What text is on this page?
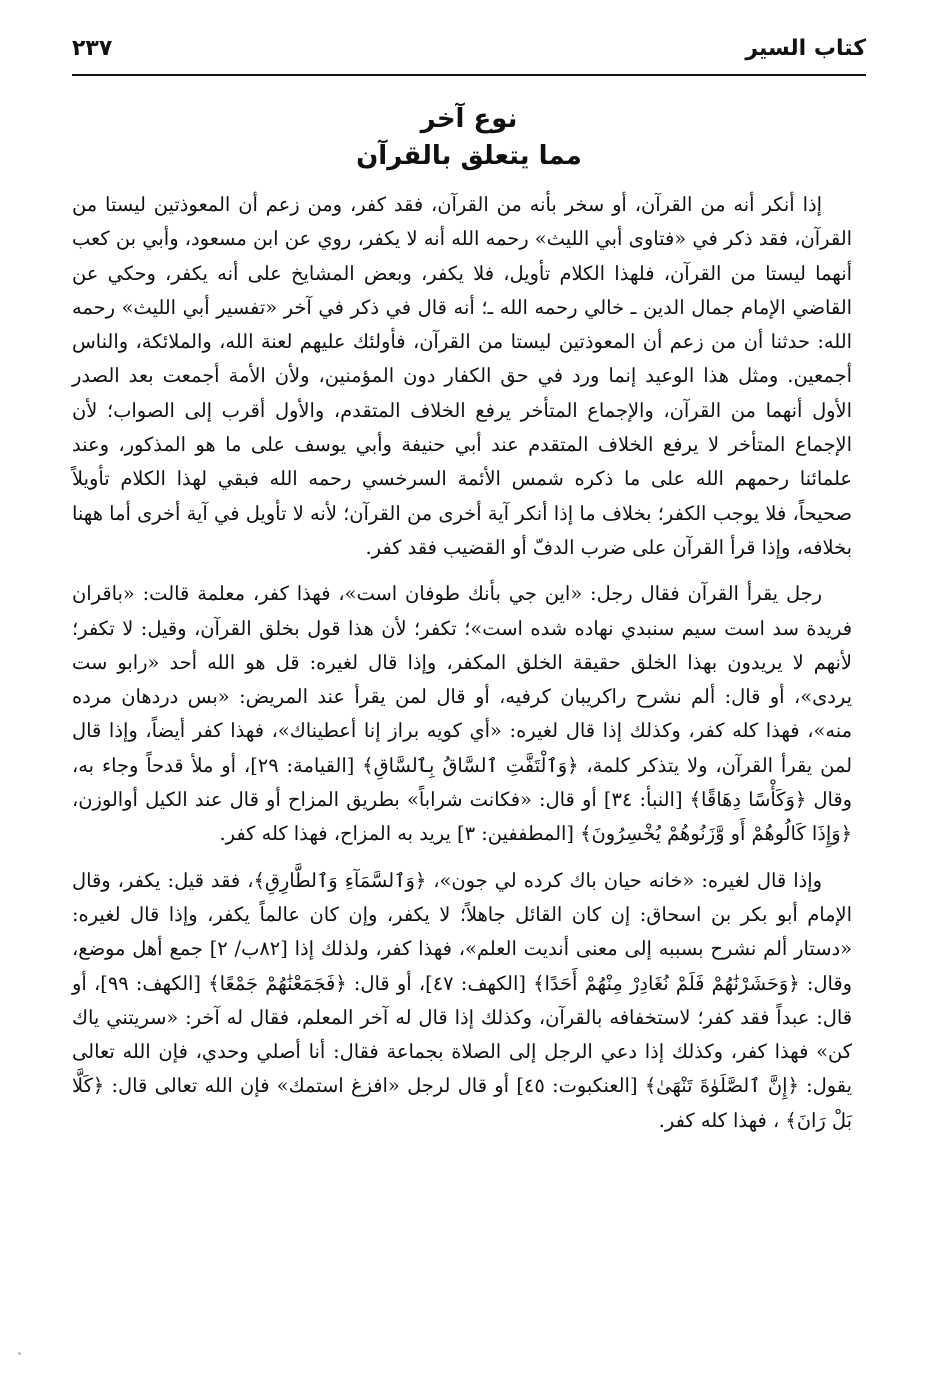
كتاب السير
٢٣٧
نوع آخر
مما يتعلق بالقرآن

إذا أنكر أنه من القرآن، أو سخر بأنه من القرآن، فقد كفر، ومن زعم أن المعوذتين ليستا من القرآن، فقد ذكر في «فتاوى أبي الليث» رحمه الله أنه لا يكفر، روي عن ابن مسعود، وأبي بن كعب أنهما ليستا من القرآن، فلهذا الكلام تأويل، فلا يكفر، وبعض المشايخ على أنه يكفر، وحكي عن القاضي الإمام جمال الدين ـ خالي رحمه الله ـ؛ أنه قال في ذكر في آخر «تفسير أبي الليث» رحمه الله: حدثنا أن من زعم أن المعوذتين ليستا من القرآن، فأولئك عليهم لعنة الله، والملائكة، والناس أجمعين. ومثل هذا الوعيد إنما ورد في حق الكفار دون المؤمنين، ولأن الأمة أجمعت بعد الصدر الأول أنهما من القرآن، والإجماع المتأخر يرفع الخلاف المتقدم، والأول أقرب إلى الصواب؛ لأن الإجماع المتأخر لا يرفع الخلاف المتقدم عند أبي حنيفة وأبي يوسف على ما هو المذكور، وعند علمائنا رحمهم الله على ما ذكره شمس الأئمة السرخسي رحمه الله فبقي لهذا الكلام تأويلاً صحيحاً، فلا يوجب الكفر؛ بخلاف ما إذا أنكر آية أخرى من القرآن؛ لأنه لا تأويل في آية أخرى أما ههنا بخلافه، وإذا قرأ القرآن على ضرب الدفّ أو القضيب فقد كفر.

رجل يقرأ القرآن فقال رجل: «اين جي بأنك طوفان است»، فهذا كفر، معلمة قالت: «باقران فريدة سد است سيم سنبدي نهاده شده است»؛ تكفر؛ لأن هذا قول بخلق القرآن، وقيل: لا تكفر؛ لأنهم لا يريدون بهذا الخلق حقيقة الخلق المكفر، وإذا قال لغيره: قل هو الله أحد «رابو ست يردى»، أو قال: ألم نشرح راكريبان كرفيه، أو قال لمن يقرأ عند المريض: «بس دردهان مرده منه»، فهذا كله كفر، وكذلك إذا قال لغيره: «أي كويه براز إنا أعطيناك»، فهذا كفر أيضاً، وإذا قال لمن يقرأ القرآن، ولا يتذكر كلمة، ﴿وَٱلْتَفَّتِ ٱلسَّاقُ بِٱلسَّاقِ﴾ [القيامة: ٢٩]، أو ملأ قدحاً وجاء به، وقال ﴿وَكَأْسًا دِهَاقًا﴾ [النبأ: ٣٤] أو قال: «فكانت شراباً» بطريق المزاح أو قال عند الكيل أوالوزن، ﴿وَإِذَا كَالُوهُمْ أَو وَّزَنُوهُمْ يُخْسِرُونَ﴾ [المطففين: ٣] يريد به المزاح، فهذا كله كفر.

وإذا قال لغيره: «خانه حيان باك كرده لي جون»، ﴿وَٱلسَّمَآءِ وَٱلطَّارِقِ﴾، فقد قيل: يكفر، وقال الإمام أبو بكر بن اسحاق: إن كان القائل جاهلاً؛ لا يكفر، وإن كان عالماً يكفر، وإذا قال لغيره: «دستار ألم نشرح بسببه إلى معنى أنديت العلم»، فهذا كفر، ولذلك إذا [٨٢ب/ ٢] جمع أهل موضع، وقال: ﴿وَحَشَرْنَٰهُمْ فَلَمْ نُغَادِرْ مِنْهُمْ أَحَدًا﴾ [الكهف: ٤٧]، أو قال: ﴿فَجَمَعْنَٰهُمْ جَمْعًا﴾ [الكهف: ٩٩]، أو قال: عبداً فقد كفر؛ لاستخفافه بالقرآن، وكذلك إذا قال له آخر المعلم، فقال له آخر: «سريتني ياك كن» فهذا كفر، وكذلك إذا دعي الرجل إلى الصلاة بجماعة فقال: أنا أصلي وحدي، فإن الله تعالى يقول: ﴿إِنَّ ٱلصَّلَوٰةَ تَنْهَىٰ﴾ [العنكبوت: ٤٥] أو قال لرجل «افزغ استمك» فإن الله تعالى قال: ﴿كَلَّا بَلْ رَانَ﴾ ، فهذا كله كفر.
